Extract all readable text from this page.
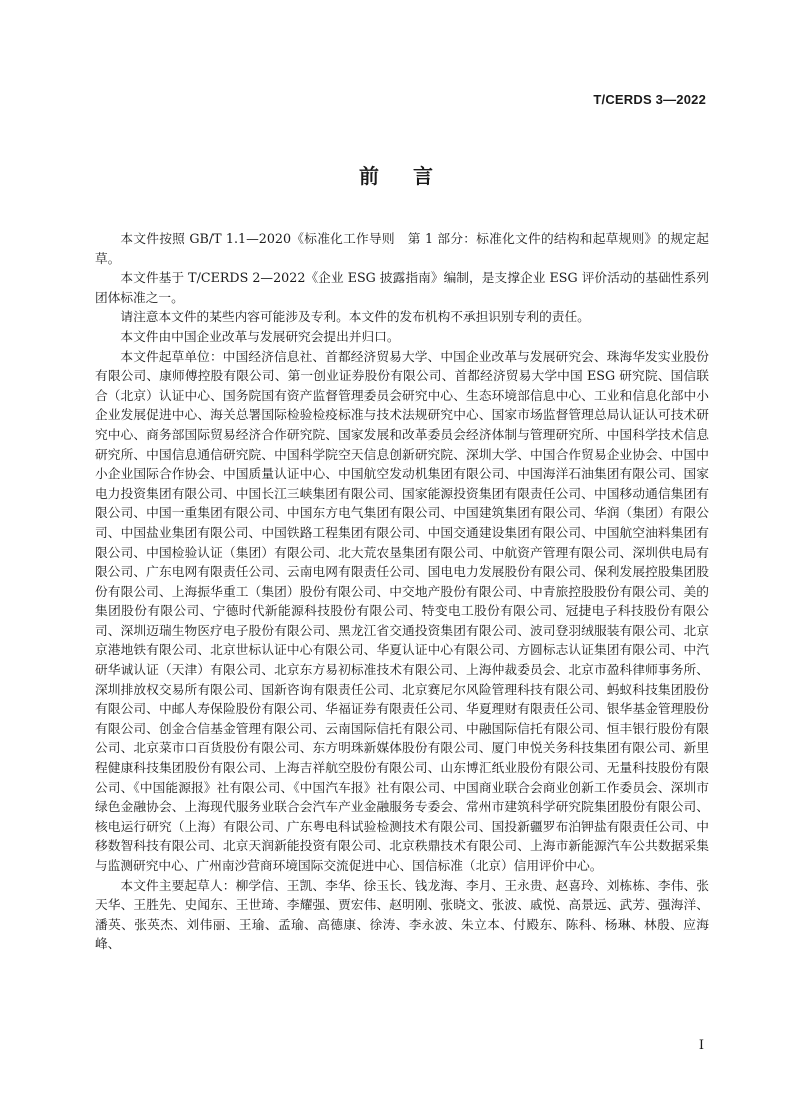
T/CERDS 3—2022
前言

本文件按照 GB/T 1.1—2020《标准化工作导则　第 1 部分：标准化文件的结构和起草规则》的规定起草。

本文件基于 T/CERDS 2—2022《企业 ESG 披露指南》编制，是支撑企业 ESG 评价活动的基础性系列团体标准之一。

请注意本文件的某些内容可能涉及专利。本文件的发布机构不承担识别专利的责任。

本文件由中国企业改革与发展研究会提出并归口。

本文件起草单位：中国经济信息社、首都经济贸易大学、中国企业改革与发展研究会、珠海华发实业股份有限公司、康师傅控股有限公司、第一创业证券股份有限公司、首都经济贸易大学中国 ESG 研究院、国信联合（北京）认证中心、国务院国有资产监督管理委员会研究中心、生态环境部信息中心、工业和信息化部中小企业发展促进中心、海关总署国际检验检疫标准与技术法规研究中心、国家市场监督管理总局认证认可技术研究中心、商务部国际贸易经济合作研究院、国家发展和改革委员会经济体制与管理研究所、中国科学技术信息研究所、中国信息通信研究院、中国科学院空天信息创新研究院、深圳大学、中国合作贸易企业协会、中国中小企业国际合作协会、中国质量认证中心、中国航空发动机集团有限公司、中国海洋石油集团有限公司、国家电力投资集团有限公司、中国长江三峡集团有限公司、国家能源投资集团有限责任公司、中国移动通信集团有限公司、中国一重集团有限公司、中国东方电气集团有限公司、中国建筑集团有限公司、华润（集团）有限公司、中国盐业集团有限公司、中国铁路工程集团有限公司、中国交通建设集团有限公司、中国航空油料集团有限公司、中国检验认证（集团）有限公司、北大荒农垦集团有限公司、中航资产管理有限公司、深圳供电局有限公司、广东电网有限责任公司、云南电网有限责任公司、国电电力发展股份有限公司、保利发展控股集团股份有限公司、上海振华重工（集团）股份有限公司、中交地产股份有限公司、中青旅控股股份有限公司、美的集团股份有限公司、宁德时代新能源科技股份有限公司、特变电工股份有限公司、冠捷电子科技股份有限公司、深圳迈瑞生物医疗电子股份有限公司、黑龙江省交通投资集团有限公司、波司登羽绒服装有限公司、北京京港地铁有限公司、北京世标认证中心有限公司、华夏认证中心有限公司、方圆标志认证集团有限公司、中汽研华诚认证（天津）有限公司、北京东方易初标准技术有限公司、上海仲裁委员会、北京市盈科律师事务所、深圳排放权交易所有限公司、国新咨询有限责任公司、北京赛尼尔风险管理科技有限公司、蚂蚁科技集团股份有限公司、中邮人寿保险股份有限公司、华福证券有限责任公司、华夏理财有限责任公司、银华基金管理股份有限公司、创金合信基金管理有限公司、云南国际信托有限公司、中融国际信托有限公司、恒丰银行股份有限公司、北京菜市口百货股份有限公司、东方明珠新媒体股份有限公司、厦门申悦关务科技集团有限公司、新里程健康科技集团股份有限公司、上海吉祥航空股份有限公司、山东博汇纸业股份有限公司、无量科技股份有限公司、《中国能源报》社有限公司、《中国汽车报》社有限公司、中国商业联合会商业创新工作委员会、深圳市绿色金融协会、上海现代服务业联合会汽车产业金融服务专委会、常州市建筑科学研究院集团股份有限公司、核电运行研究（上海）有限公司、广东粤电科试验检测技术有限公司、国投新疆罗布泊钾盐有限责任公司、中移数智科技有限公司、北京天润新能投资有限公司、北京秩鼎技术有限公司、上海市新能源汽车公共数据采集与监测研究中心、广州南沙营商环境国际交流促进中心、国信标准（北京）信用评价中心。

本文件主要起草人：柳学信、王凯、李华、徐玉长、钱龙海、李月、王永贵、赵喜玲、刘栋栋、李伟、张天华、王胜先、史闻东、王世琦、李耀强、贾宏伟、赵明刚、张晓文、张波、戚悦、高景远、武芳、强海洋、潘英、张英杰、刘伟丽、王瑜、孟瑜、高德康、徐涛、李永波、朱立本、付殿东、陈科、杨琳、林殷、应海峰、

I
